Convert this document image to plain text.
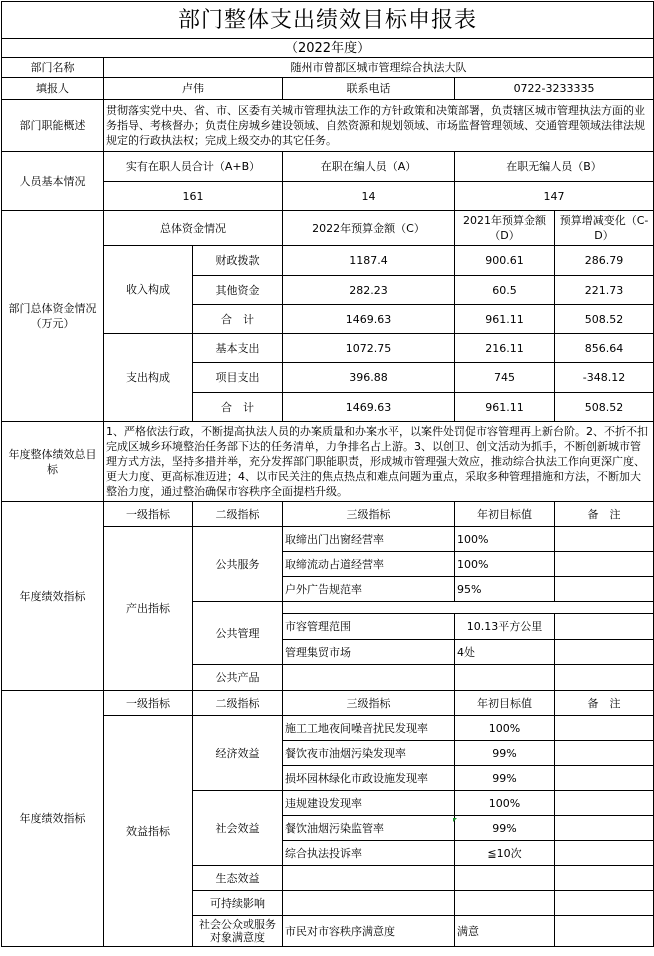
部门整体支出绩效目标申报表					
（2022年度）					
部门名称	随州市曾都区城市管理综合执法大队				
填报人	卢伟		联系电话	0722-3233335	
部门职能概述	贯彻落实党中央、省、市、区委有关城市管理执法工作的方针政策和决策部署，负责辖区城市管理执法方面的业务指导、考核督办；负责住房城乡建设领域、自然资源和规划领域、市场监督管理领域、交通管理领域法律法规规定的行政执法权；完成上级交办的其它任务。				
人员基本情况	实有在职人员合计（A+B）		在职在编人员（A）	在职无编人员（B）	
	161		14	147	
部门总体资金情况（万元）	总体资金情况		2022年预算金额（C）	2021年预算金额（D）	预算增减变化（C-D）
	收入构成	财政拨款	1187.4	900.61	286.79
		其他资金	282.23	60.5	221.73
		合　计	1469.63	961.11	508.52
	支出构成	基本支出	1072.75	216.11	856.64
		项目支出	396.88	745	-348.12
		合　计	1469.63	961.11	508.52
年度整体绩效总目标	1、严格依法行政，不断提高执法人员的办案质量和办案水平，以案件处罚促市容管理再上新台阶。2、不折不扣完成区城乡环境整治任务部下达的任务清单，力争排名占上游。3、以创卫、创文活动为抓手，不断创新城市管理方式方法，坚持多措并举，充分发挥部门职能职责，形成城市管理强大效应，推动综合执法工作向更深广度、更大力度、更高标准迈进；4、以市民关注的焦点热点和难点问题为重点，采取多种管理措施和方法，不断加大整治力度，通过整治确保市容秩序全面提档升级。				
年度绩效指标	一级指标	二级指标	三级指标	年初目标值	备　注
	产出指标	公共服务	取缔出门出窗经营率	100%	
			取缔流动占道经营率	100%	
			户外广告规范率	95%	
		公共管理			
			市容管理范围	10.13平方公里	
			管理集贸市场	4处	
		公共产品			
年度绩效指标	一级指标	二级指标	三级指标	年初目标值	备　注
	效益指标	经济效益	施工工地夜间噪音扰民发现率	100%	
			餐饮夜市油烟污染发现率	99%	
			损坏园林绿化市政设施发现率	99%	
		社会效益	违规建设发现率	100%	
			餐饮油烟污染监管率	99%	
			综合执法投诉率	≦10次	
		生态效益			
		可持续影响			
		社会公众或服务对象满意度	市民对市容秩序满意度	满意	
